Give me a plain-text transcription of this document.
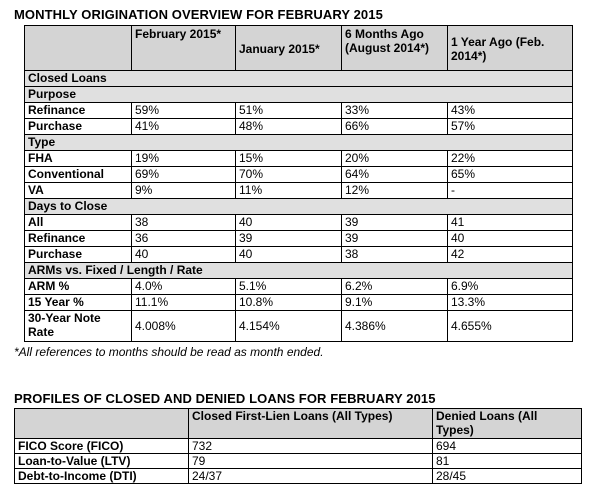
MONTHLY ORIGINATION OVERVIEW FOR FEBRUARY 2015
	February 2015*	January 2015*	6 Months Ago (August 2014*)	1 Year Ago (Feb. 2014*)
Closed Loans				
Purpose				
Refinance	59%	51%	33%	43%
Purchase	41%	48%	66%	57%
Type				
FHA	19%	15%	20%	22%
Conventional	69%	70%	64%	65%
VA	9%	11%	12%	-
Days to Close				
All	38	40	39	41
Refinance	36	39	39	40
Purchase	40	40	38	42
ARMs vs. Fixed / Length / Rate				
ARM %	4.0%	5.1%	6.2%	6.9%
15 Year %	11.1%	10.8%	9.1%	13.3%
30-Year Note Rate	4.008%	4.154%	4.386%	4.655%
*All references to months should be read as month ended.
PROFILES OF CLOSED AND DENIED LOANS FOR FEBRUARY 2015
	Closed First-Lien Loans (All Types)	Denied Loans (All Types)
FICO Score (FICO)	732	694
Loan-to-Value (LTV)	79	81
Debt-to-Income (DTI)	24/37	28/45
